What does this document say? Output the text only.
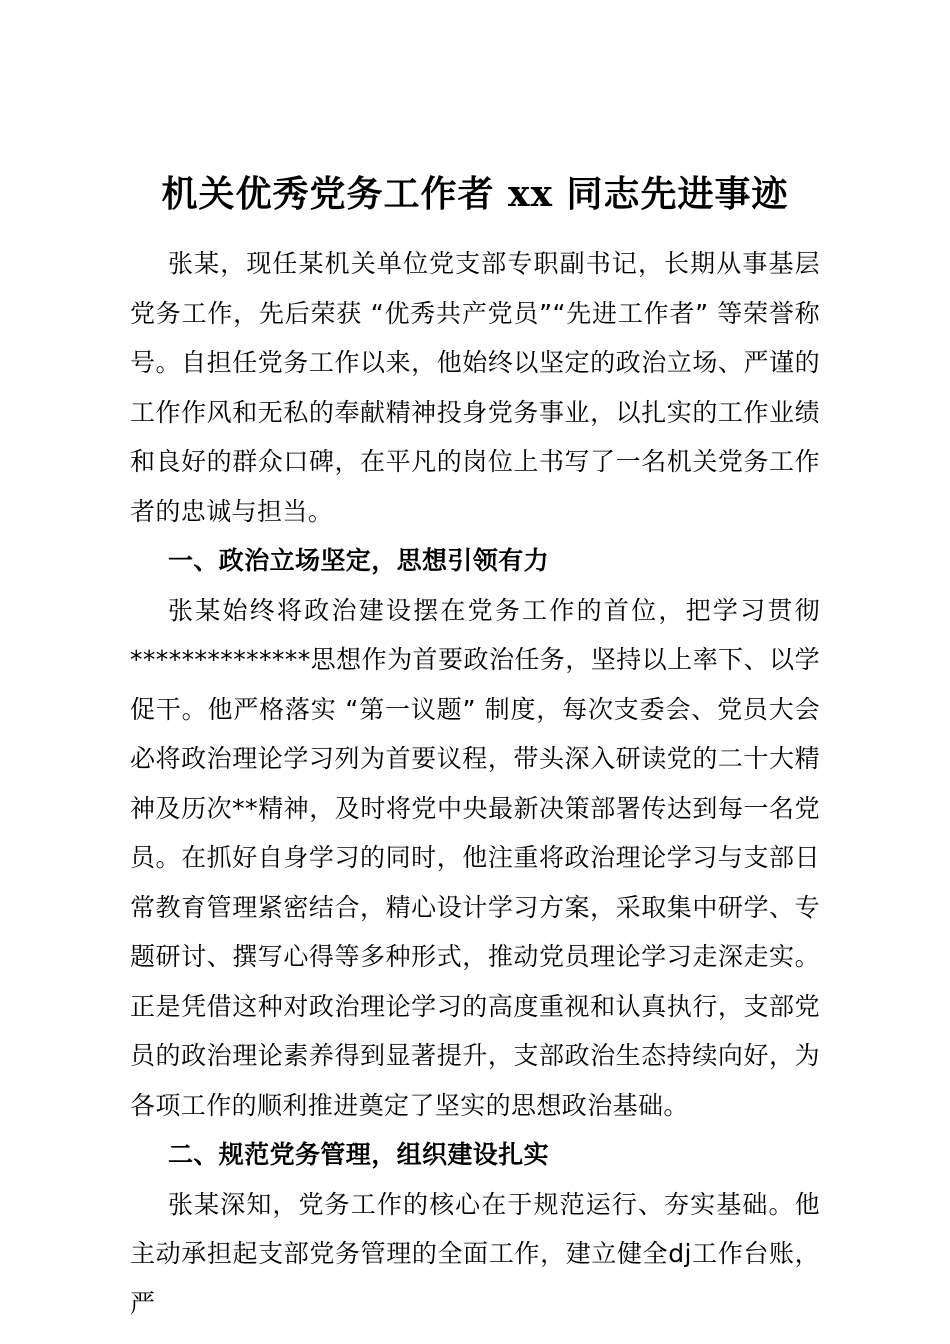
机关优秀党务工作者 xx 同志先进事迹

张某，现任某机关单位党支部专职副书记，长期从事基层党务工作，先后荣获 “优秀共产党员”“先进工作者” 等荣誉称号。自担任党务工作以来，他始终以坚定的政治立场、严谨的工作作风和无私的奉献精神投身党务事业，以扎实的工作业绩和良好的群众口碑，在平凡的岗位上书写了一名机关党务工作者的忠诚与担当。

一、政治立场坚定，思想引领有力

张某始终将政治建设摆在党务工作的首位，把学习贯彻**************思想作为首要政治任务，坚持以上率下、以学促干。他严格落实 “第一议题” 制度，每次支委会、党员大会必将政治理论学习列为首要议程，带头深入研读党的二十大精神及历次**精神，及时将党中央最新决策部署传达到每一名党员。在抓好自身学习的同时，他注重将政治理论学习与支部日常教育管理紧密结合，精心设计学习方案，采取集中研学、专题研讨、撰写心得等多种形式，推动党员理论学习走深走实。正是凭借这种对政治理论学习的高度重视和认真执行，支部党员的政治理论素养得到显著提升，支部政治生态持续向好，为各项工作的顺利推进奠定了坚实的思想政治基础。

二、规范党务管理，组织建设扎实

张某深知，党务工作的核心在于规范运行、夯实基础。他主动承担起支部党务管理的全面工作，建立健全dj工作台账，严
